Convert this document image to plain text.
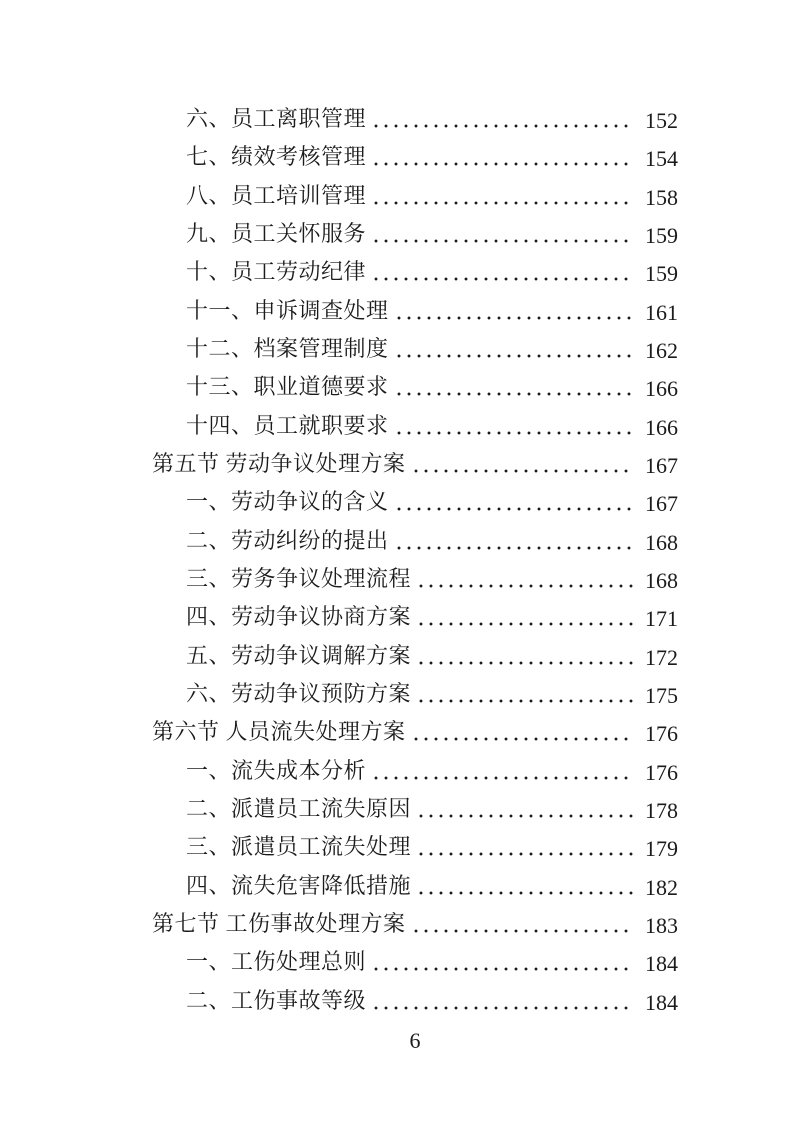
六、员工离职管理	152
七、绩效考核管理	154
八、员工培训管理	158
九、员工关怀服务	159
十、员工劳动纪律	159
十一、申诉调查处理	161
十二、档案管理制度	162
十三、职业道德要求	166
十四、员工就职要求	166
第五节 劳动争议处理方案	167
一、劳动争议的含义	167
二、劳动纠纷的提出	168
三、劳务争议处理流程	168
四、劳动争议协商方案	171
五、劳动争议调解方案	172
六、劳动争议预防方案	175
第六节 人员流失处理方案	176
一、流失成本分析	176
二、派遣员工流失原因	178
三、派遣员工流失处理	179
四、流失危害降低措施	182
第七节 工伤事故处理方案	183
一、工伤处理总则	184
二、工伤事故等级	184
6
